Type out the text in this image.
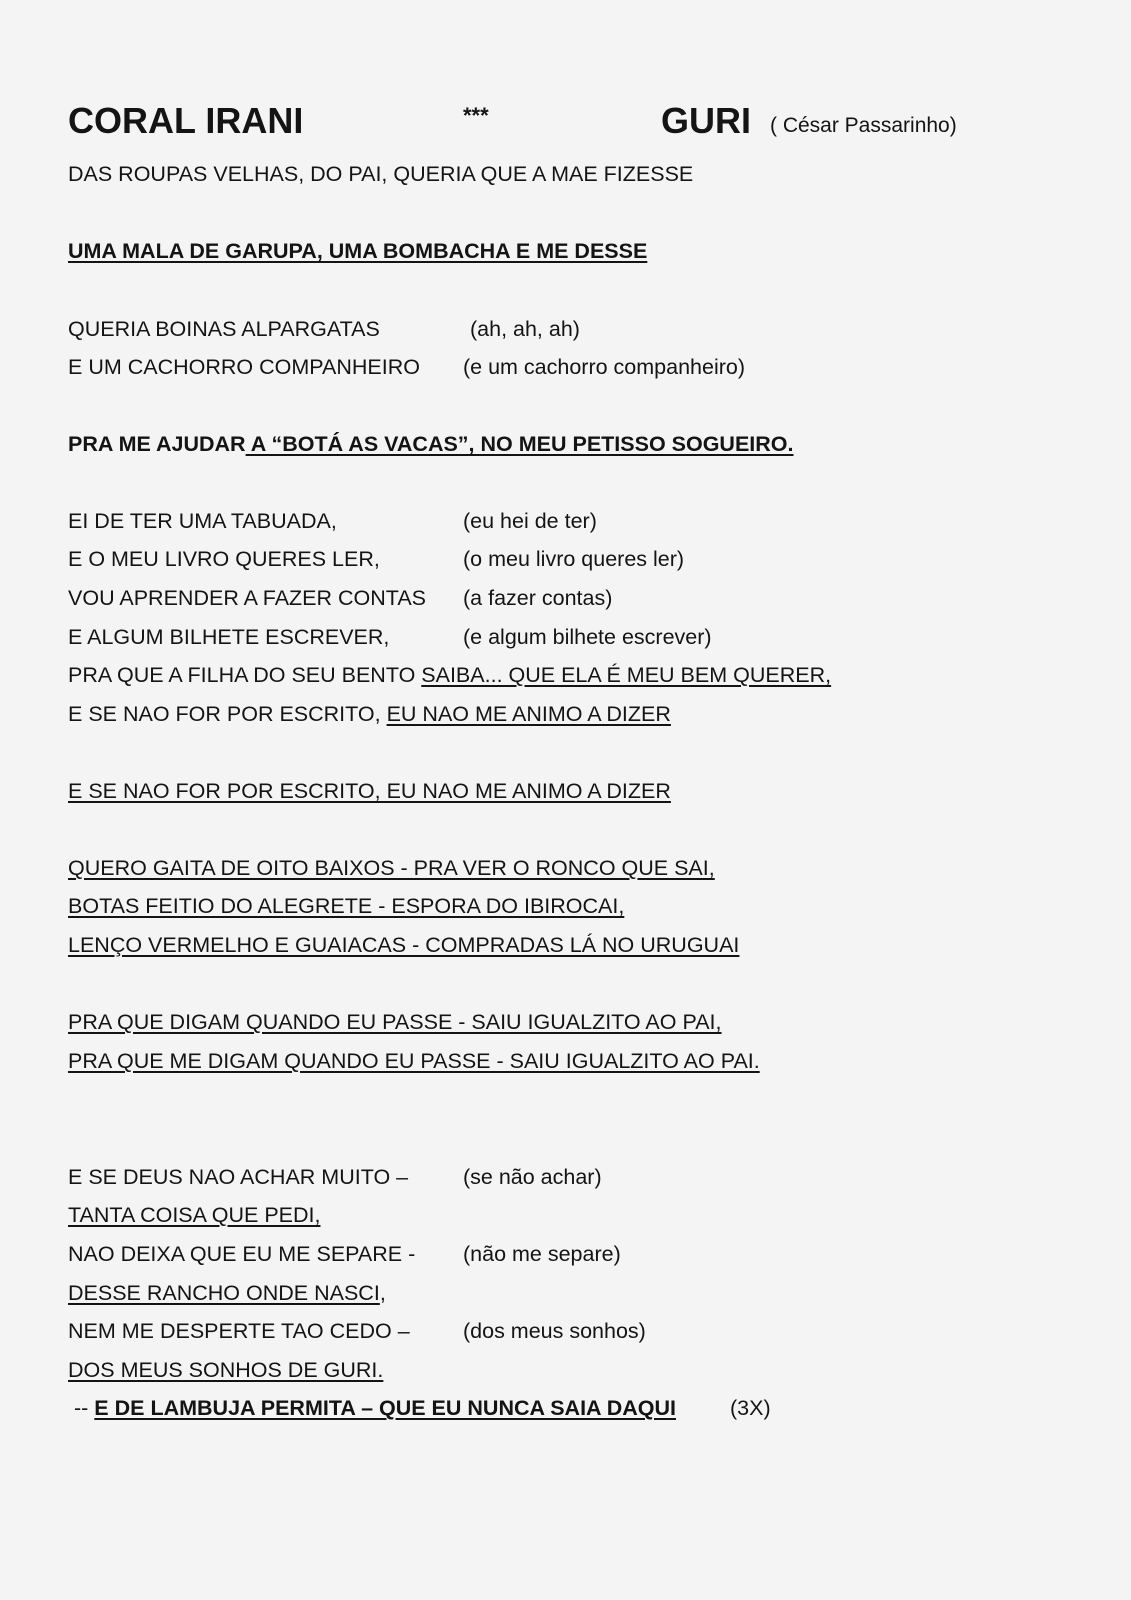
CORAL IRANI	***	GURI ( César Passarinho)
DAS ROUPAS VELHAS, DO PAI, QUERIA QUE A MAE FIZESSE
UMA MALA DE GARUPA, UMA BOMBACHA E ME DESSE
QUERIA BOINAS ALPARGATAS	(ah, ah, ah)
E UM CACHORRO COMPANHEIRO (e um cachorro companheiro)
PRA ME AJUDAR A “BOTÁ AS VACAS”, NO MEU PETISSO SOGUEIRO.
EI DE TER UMA TABUADA,	(eu hei de ter)
E O MEU LIVRO QUERES LER,	(o meu livro queres ler)
VOU APRENDER A FAZER CONTAS (a fazer contas)
E ALGUM BILHETE ESCREVER,	(e algum bilhete escrever)
PRA QUE A FILHA DO SEU BENTO SAIBA... QUE ELA É MEU BEM QUERER,
E SE NAO FOR POR ESCRITO, EU NAO ME ANIMO A DIZER
E SE NAO FOR POR ESCRITO, EU NAO ME ANIMO A DIZER
QUERO GAITA DE OITO BAIXOS - PRA VER O RONCO QUE SAI,
BOTAS FEITIO DO ALEGRETE - ESPORA DO IBIROCAI,
LENÇO VERMELHO E GUAIACAS - COMPRADAS LÁ NO URUGUAI
PRA QUE DIGAM QUANDO EU PASSE - SAIU IGUALZITO AO PAI,
PRA QUE ME DIGAM QUANDO EU PASSE - SAIU IGUALZITO AO PAI.
E SE DEUS NAO ACHAR MUITO –	(se não achar)
TANTA COISA QUE PEDI,
NAO DEIXA QUE EU ME SEPARE - (não me separe)
DESSE RANCHO ONDE NASCI,
NEM ME DESPERTE TAO CEDO – (dos meus sonhos)
DOS MEUS SONHOS DE GURI.
-- E DE LAMBUJA PERMITA – QUE EU NUNCA SAIA DAQUI	(3X)
